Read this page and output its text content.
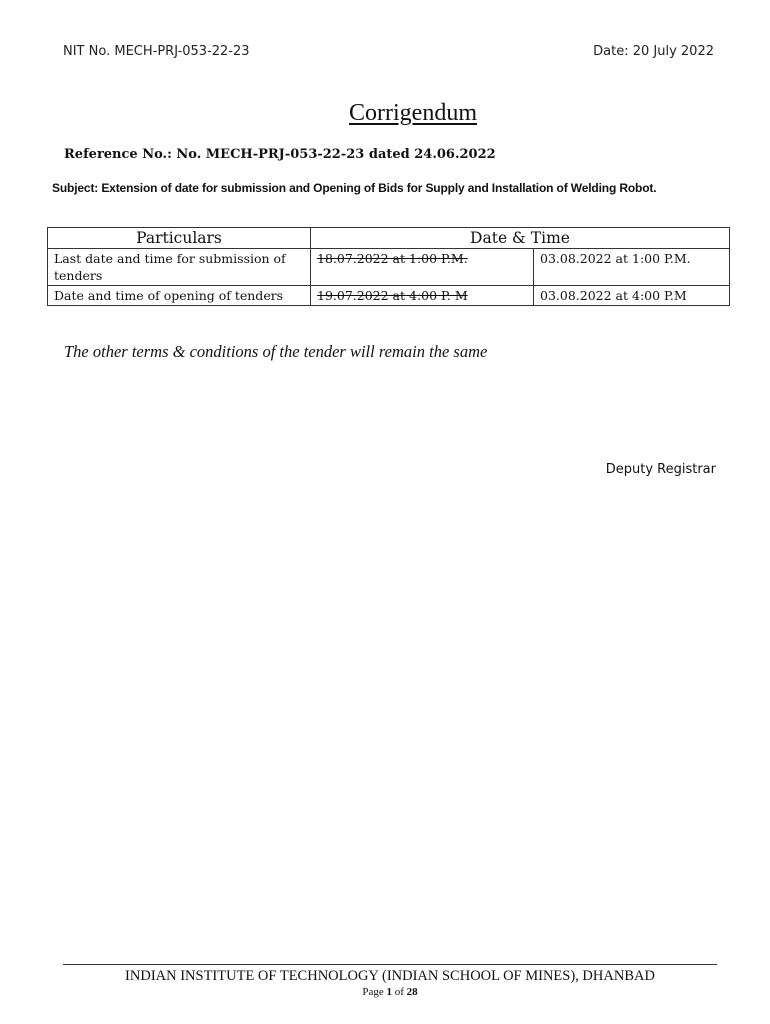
NIT No. MECH-PRJ-053-22-23	Date: 20 July 2022
Corrigendum
Reference No.: No. MECH-PRJ-053-22-23 dated 24.06.2022
Subject: Extension of date for submission and Opening of Bids for Supply and Installation of Welding Robot.
Particulars	Date & Time	
Last date and time for submission of tenders	18.07.2022 at 1:00 P.M.	03.08.2022 at 1:00 P.M.
Date and time of opening of tenders	19.07.2022 at 4:00 P. M	03.08.2022 at 4:00 P.M
The other terms & conditions of the tender will remain the same
Deputy Registrar
INDIAN INSTITUTE OF TECHNOLOGY (INDIAN SCHOOL OF MINES), DHANBAD
Page 1 of 28
